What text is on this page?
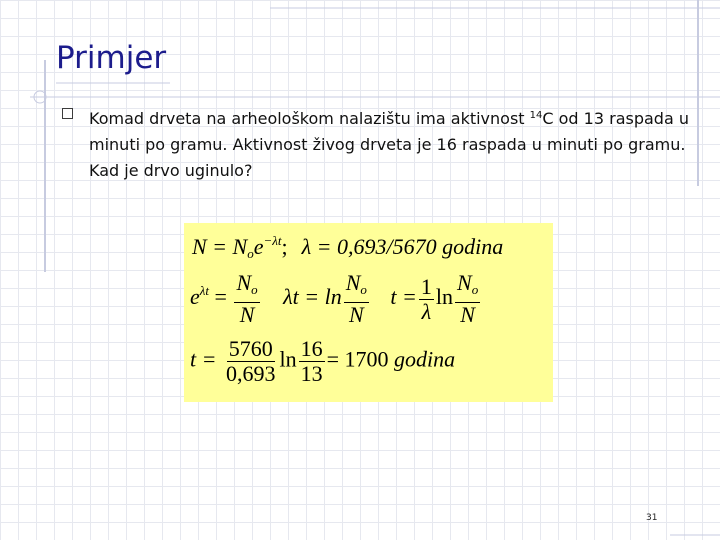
Primjer
Komad drveta na arheološkom nalazištu ima aktivnost $^{14}$C od 13 raspada u minuti po gramu. Aktivnost živog drveta je 16 raspada u minuti po gramu. Kad je drvo uginulo?
$N = N_oe^{-\lambda t}$; λ = 0,693/5670 godina
$e^{\lambda t} = \frac{N_o}{N}$ $\lambda t = \ln \frac{N_o}{N}$ $t = \frac{1}{\lambda}$ $\ln \frac{N_o}{N}$
$t = \frac{5760}{0,693}$ $\ln \frac{16}{13} = 1700$ godina
31
